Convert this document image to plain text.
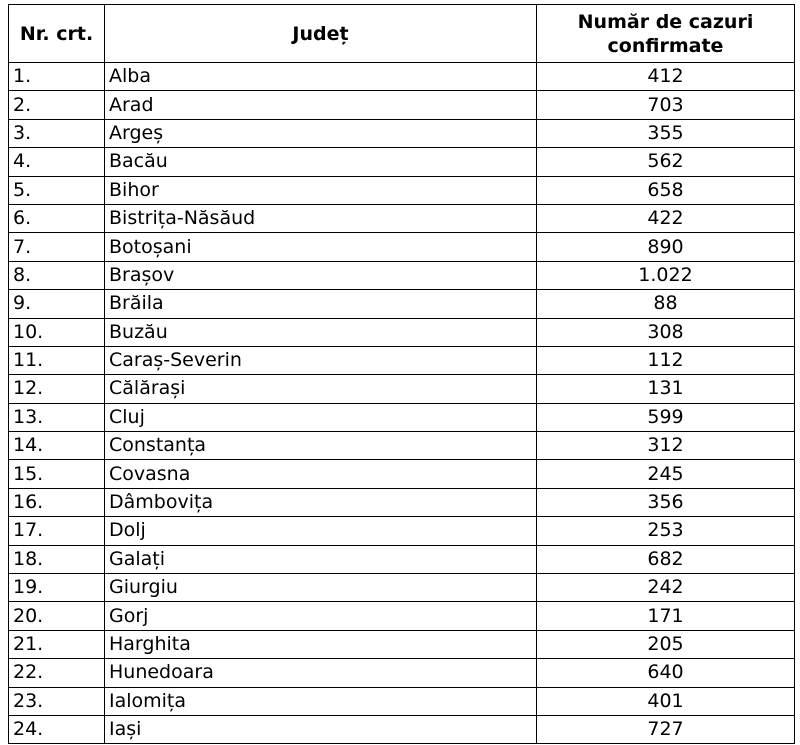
Nr. crt.	Județ	Număr de cazuri confirmate
1.	Alba	412
2.	Arad	703
3.	Argeș	355
4.	Bacău	562
5.	Bihor	658
6.	Bistrița-Năsăud	422
7.	Botoșani	890
8.	Brașov	1.022
9.	Brăila	88
10.	Buzău	308
11.	Caraș-Severin	112
12.	Călărași	131
13.	Cluj	599
14.	Constanța	312
15.	Covasna	245
16.	Dâmbovița	356
17.	Dolj	253
18.	Galați	682
19.	Giurgiu	242
20.	Gorj	171
21.	Harghita	205
22.	Hunedoara	640
23.	Ialomița	401
24.	Iași	727
